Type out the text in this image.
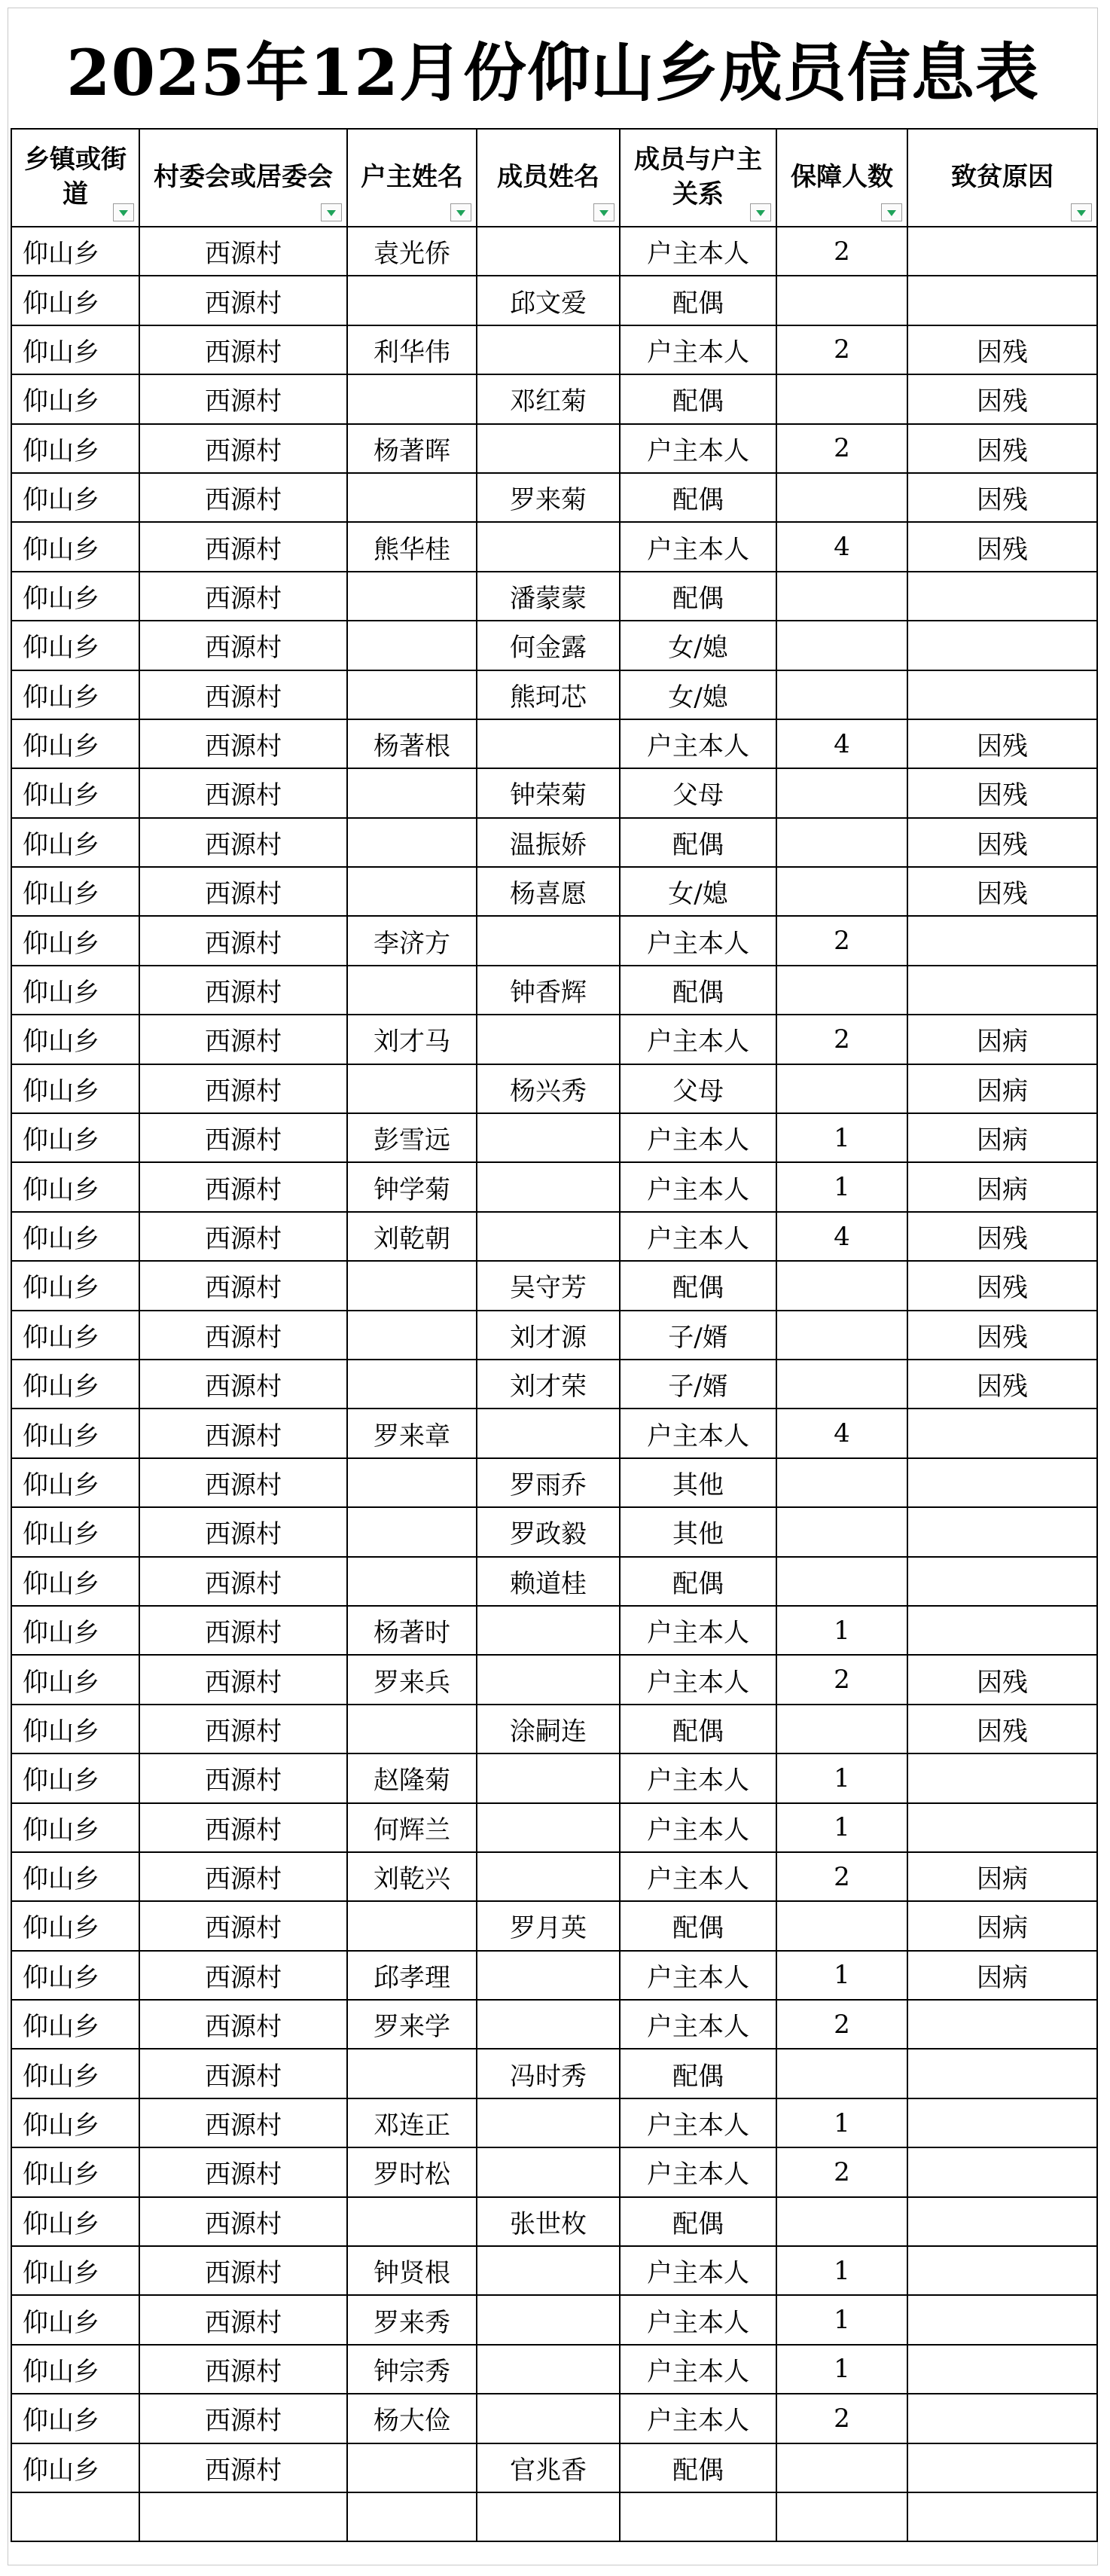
2025年12月份仰山乡成员信息表
乡镇或街道	村委会或居委会	户主姓名	成员姓名	成员与户主关系	保障人数	致贫原因

仰山乡	西源村	袁光侨		户主本人	2	
仰山乡	西源村		邱文爱	配偶		
仰山乡	西源村	利华伟		户主本人	2	因残
仰山乡	西源村		邓红菊	配偶		因残
仰山乡	西源村	杨著晖		户主本人	2	因残
仰山乡	西源村		罗来菊	配偶		因残
仰山乡	西源村	熊华桂		户主本人	4	因残
仰山乡	西源村		潘蒙蒙	配偶		
仰山乡	西源村		何金露	女/媳		
仰山乡	西源村		熊珂芯	女/媳		
仰山乡	西源村	杨著根		户主本人	4	因残
仰山乡	西源村		钟荣菊	父母		因残
仰山乡	西源村		温振娇	配偶		因残
仰山乡	西源村		杨喜愿	女/媳		因残
仰山乡	西源村	李济方		户主本人	2	
仰山乡	西源村		钟香辉	配偶		
仰山乡	西源村	刘才马		户主本人	2	因病
仰山乡	西源村		杨兴秀	父母		因病
仰山乡	西源村	彭雪远		户主本人	1	因病
仰山乡	西源村	钟学菊		户主本人	1	因病
仰山乡	西源村	刘乾朝		户主本人	4	因残
仰山乡	西源村		吴守芳	配偶		因残
仰山乡	西源村		刘才源	子/婿		因残
仰山乡	西源村		刘才荣	子/婿		因残
仰山乡	西源村	罗来章		户主本人	4	
仰山乡	西源村		罗雨乔	其他		
仰山乡	西源村		罗政毅	其他		
仰山乡	西源村		赖道桂	配偶		
仰山乡	西源村	杨著时		户主本人	1	
仰山乡	西源村	罗来兵		户主本人	2	因残
仰山乡	西源村		涂嗣连	配偶		因残
仰山乡	西源村	赵隆菊		户主本人	1	
仰山乡	西源村	何辉兰		户主本人	1	
仰山乡	西源村	刘乾兴		户主本人	2	因病
仰山乡	西源村		罗月英	配偶		因病
仰山乡	西源村	邱孝理		户主本人	1	因病
仰山乡	西源村	罗来学		户主本人	2	
仰山乡	西源村		冯时秀	配偶		
仰山乡	西源村	邓连正		户主本人	1	
仰山乡	西源村	罗时松		户主本人	2	
仰山乡	西源村		张世枚	配偶		
仰山乡	西源村	钟贤根		户主本人	1	
仰山乡	西源村	罗来秀		户主本人	1	
仰山乡	西源村	钟宗秀		户主本人	1	
仰山乡	西源村	杨大俭		户主本人	2	
仰山乡	西源村		官兆香	配偶		
